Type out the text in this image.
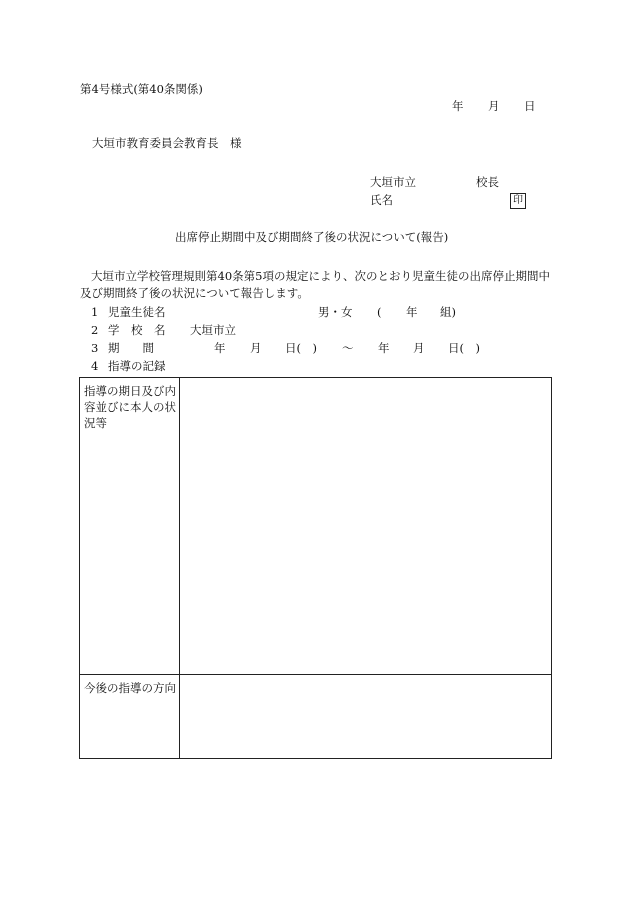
第4号様式(第40条関係)
年 月 日
大垣市教育委員会教育長　様
大垣市立	校長
氏名	印
出席停止期間中及び期間終了後の状況について(報告)
大垣市立学校管理規則第40条第5項の規定により、次のとおり児童生徒の出席停止期間中及び期間終了後の状況について報告します。
1 児童生徒名	男・女 ( 年 組)
2 学　校　名 大垣市立
3 期　　間	年 月 日(　) ～ 年 月 日(　)
4 指導の記録
指導の期日及び内容並びに本人の状況等	
今後の指導の方向	
